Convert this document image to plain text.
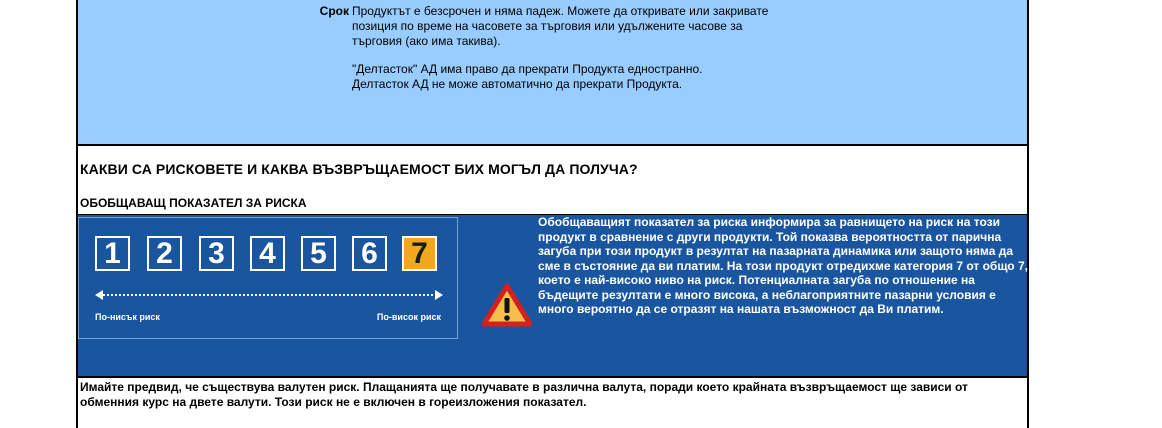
Срок Продуктът е безсрочен и няма падеж. Можете да откривате или закривате позиция по време на часовете за търговия или удължените часове за търговия (ако има такива).
"Делтасток" АД има право да прекрати Продукта едностранно.
Делтасток АД не може автоматично да прекрати Продукта.
КАКВИ СА РИСКОВЕТЕ И КАКВА ВЪЗВРЪЩАЕМОСТ БИХ МОГЪЛ ДА ПОЛУЧА?
ОБОБЩАВАЩ ПОКАЗАТЕЛ ЗА РИСКА
1	2	3	4	5	6	7
По-нисък риск	По-висок риск
Обобщаващият показател за риска информира за равнището на риск на този продукт в сравнение с други продукти. Той показва вероятността от парична загуба при този продукт в резултат на пазарната динамика или защото няма да сме в състояние да ви платим. На този продукт отредихме категория 7 от общо 7, което е най-високо ниво на риск. Потенциалната загуба по отношение на бъдещите резултати е много висока, а неблагоприятните пазарни условия е много вероятно да се отразят на нашата възможност да Ви платим.
Имайте предвид, че съществува валутен риск. Плащанията ще получавате в различна валута, поради което крайната възвръщаемост ще зависи от обменния курс на двете валути. Този риск не е включен в гореизложения показател.
